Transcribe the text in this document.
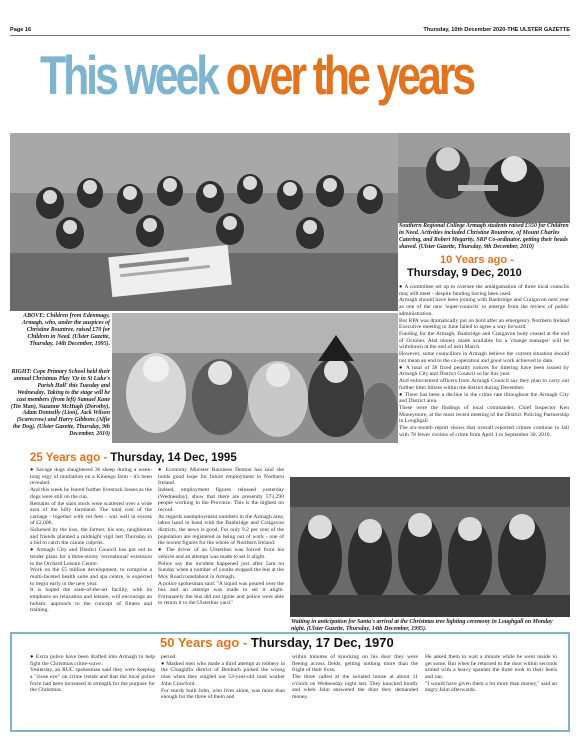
Page 16	Thursday, 10th December 2020-THE ULSTER GAZETTE
This week over the years
Southern Regional College Armagh students raised £550 for Children in Need. Activities included Christine Rountree, of Mount Charles Catering, and Robert Megarity, SRP Co-ordinator, getting their heads shaved. (Ulster Gazette, Thursday, 9th December, 2010)
10 Years ago -
Thursday, 9 Dec, 2010

● A committee set up to oversee the amalgamation of three local councils may still meet - despite funding having been used.

Armagh should have been joining with Banbridge and Craigavon next year as one of the new 'super-councils' to emerge from the review of public administration.

But RPA was dramatically put on hold after an emergency Northern Ireland Executive meeting in June failed to agree a way forward.

Funding for the Armagh, Banbridge and Craigavon body ceased at the end of October. And money made available for a 'change manager' will be withdrawn at the end of next March.

However, some councillors in Armagh believe the current situation should not mean an end to the co-operation and good work achieved to date.

● A total of 38 fixed penalty notices for littering have been issued by Armagh City and District Council so far this year.

And enforcement officers from Armagh Council say they plan to carry out further litter blitzes within the district during December.

● There has been a decline in the crime rate throughout the Armagh City and District area.

These were the findings of local commander, Chief Inspector Ken Moneymore, at the most recent meeting of the District Policing Partnership in Loughgall.

The six-month report shows that overall reported crimes continue to fall with 78 fewer victims of crime from April 1 to September 30, 2010.

ABOVE: Children from Edenmagy, Armagh, who, under the auspices of Christine Rountree, raised £70 for Children in Need. (Ulster Gazette, Thursday, 14th December, 1995).
RIGHT: Cope Primary School held their annual Christmas Play 'Oz in St Luke's Parish Hall' this Tuesday and Wednesday. Taking to the stage will be cast members (from left) Samuel Kane (Tin Man), Suzanne McHugh (Dorothy), Adam Donnelly (Lion), Jack Wilson (Scarecrow) and Harry Gibbons (Alfie the Dog). (Ulster Gazette, Thursday, 9th December, 2010)
25 Years ago - Thursday, 14 Dec, 1995

● Savage dogs slaughtered 36 sheep during a week-long orgy of mutilation on a Kinnego farm - it's been revealed.

And this week he feared further livestock losses as the dogs were still on the run.

Remains of the slain stock were scattered over a wide area of the hilly farmland. The total cost of the carnage - together with vet fees - was well in excess of £2,000.

Sickened by the loss, the farmer, his son, neighbours and friends planned a midnight vigil last Thursday in a bid to catch the canine culprits.

● Armagh City and District Council has put out to tender plans for a three-storey 'recreational' extension to the Orchard Leisure Centre.

Work on the £5 million development, to comprise a multi-faceted health suite and spa centre, is expected to begin early in the new year.

It is hoped the state-of-the-art facility, with its emphasis on relaxation and leisure, will encourage an holistic approach to the concept of fitness and training.

● Economy Minister Baroness Denton has said she holds good hope for future employment in Northern Ireland.

Indeed, employment figures released yesterday (Wednesday), show that there are presently 573,290 people working in the Province. This is the highest on record.

As regards unemployment numbers in the Armagh area, taken hand in hand with the Banbridge and Craigavon districts, the news is good. For only 9.2 per cent of the population are registered as being out of work - one of the lowest figures for the whole of Northern Ireland.

● The driver of an Ulsterbus was forced from his vehicle and an attempt was made to set it alight.

Police say the incident happened just after 5am on Sunday when a number of youths stopped the bus at the Moy Road roundabout in Armagh.

A police spokesman said: "A liquid was poured over the bus and an attempt was made to set it alight. Fortunately the bus did not ignite and police were able to return it to the Ulsterbus yard."

Waiting in anticipation for Santa's arrival at the Christmas tree lighting ceremony in Loughgall on Monday night. (Ulster Gazette, Thursday, 14th December, 1995).
50 Years ago - Thursday, 17 Dec, 1970

● Extra police have been drafted into Armagh to help fight the Christmas crime-wave.

Yesterday, an RUC spokesman said they were keeping a "close eye" on crime trends and that the local police force had been increased in strength for the purpose for the Christmas

period.

● Masked men who made a third attempt at robbery in the Cloughfin district of Benburb picked the wrong man when they singled out 53-year-old road worker John Crawford.

For sturdy built John, who lives alone, was more than enough for the three of them and

within minutes of knocking on his door they were fleeing across fields, getting nothing more than the fright of their lives.

The three called at the isolated house at about 11 o'clock on Wednesday night last. They knocked loudly and when John answered the door they demanded money.

He asked them to wait a minute while he went inside to get some. But when he returned to the door within seconds armed with a heavy spanner the three took to their heels and ran.

"I would have given them a lot more than money," said an angry John afterwards.
